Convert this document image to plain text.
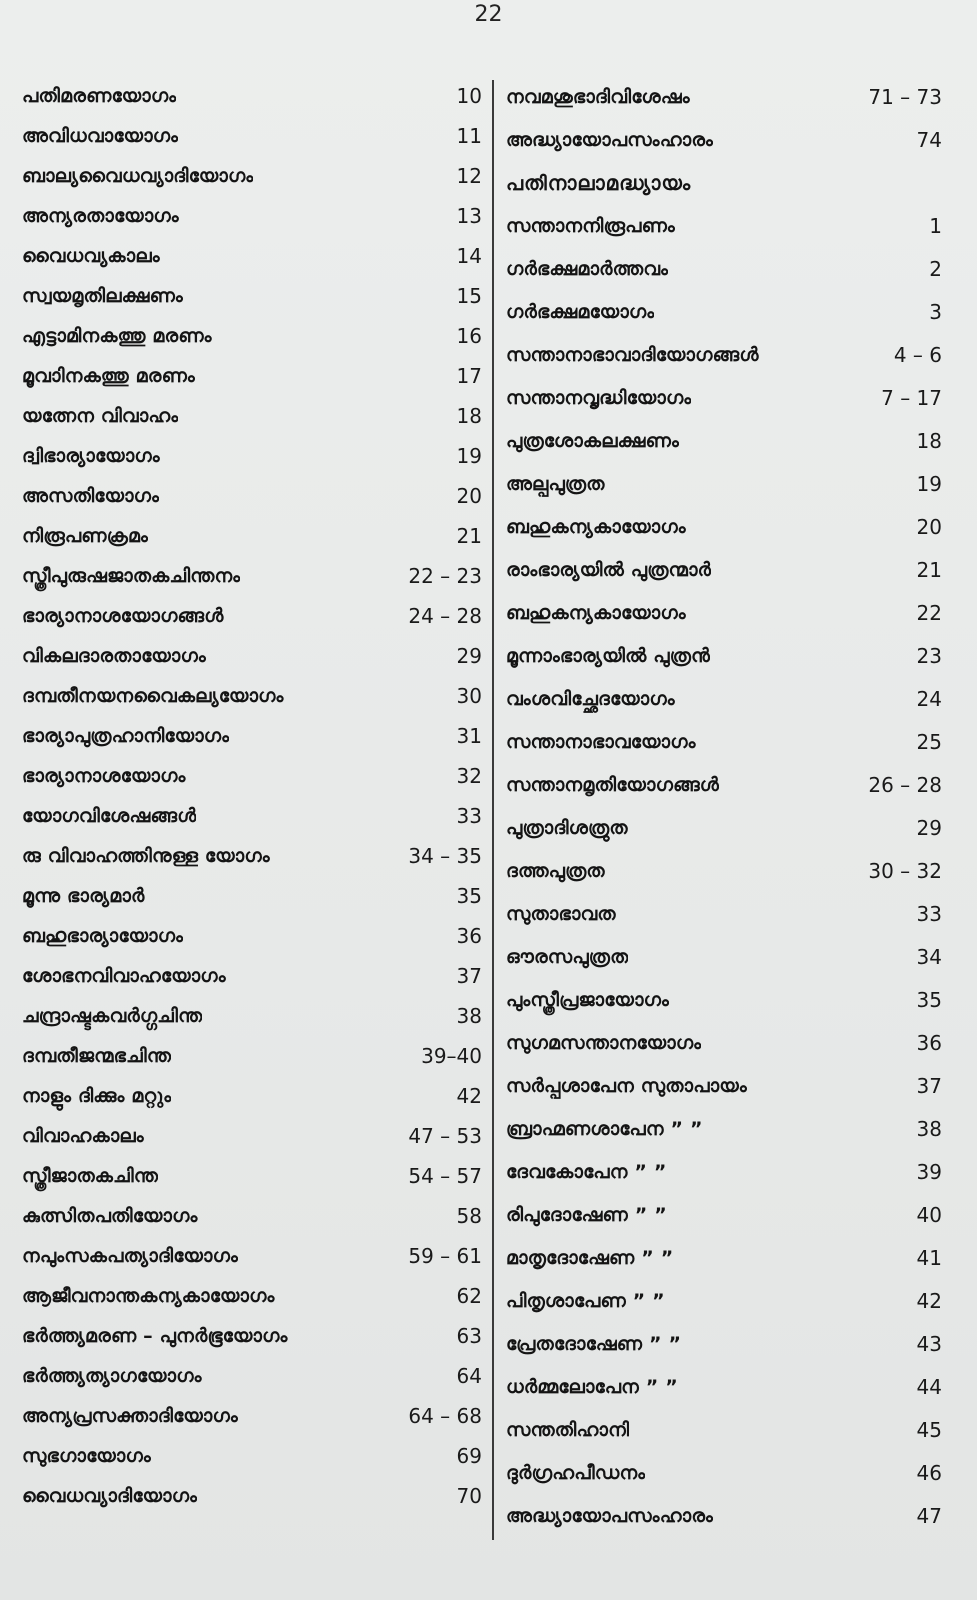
22
പതിമരണയോഗം	10
അവിധവായോഗം	11
ബാല്യവൈധവ്യാദിയോഗം	12
അന്യരതായോഗം	13
വൈധവ്യകാലം	14
സ്വയമൃതിലക്ഷണം	15
എട്ടാമിനകത്തു മരണം	16
മൂവാിനകത്തു മരണം	17
യത്നേന വിവാഹം	18
ദ്വിഭാര്യായോഗം	19
അസതിയോഗം	20
നിരൂപണക്രമം	21
സ്ത്രീപുരുഷജാതകചിന്തനം	22 – 23
ഭാര്യാനാശയോഗങ്ങൾ	24 – 28
വികലദാരതായോഗം	29
ദമ്പതീനയനവൈകല്യയോഗം	30
ഭാര്യാപുത്രഹാനിയോഗം	31
ഭാര്യാനാശയോഗം	32
യോഗവിശേഷങ്ങൾ	33
രു വിവാഹത്തിനുള്ള യോഗം	34 – 35
മൂന്നു ഭാര്യമാർ	35
ബഹുഭാര്യായോഗം	36
ശോഭനവിവാഹയോഗം	37
ചന്ദ്രാഷ്ടകവർഗ്ഗചിന്ത	38
ദമ്പതീജന്മഭചിന്ത	39–40
നാളും ദിക്കും മറ്റും	42
വിവാഹകാലം	47 – 53
സ്ത്രീജാതകചിന്ത	54 – 57
കുത്സിതപതിയോഗം	58
നപുംസകപത്യാദിയോഗം	59 – 61
ആജീവനാന്തകന്യകായോഗം	62
ഭർത്ത്യമരണ – പുനർഭൂയോഗം	63
ഭർത്ത്യത്യാഗയോഗം	64
അന്യപ്രസക്താദിയോഗം	64 – 68
സുഭഗായോഗം	69
വൈധവ്യാദിയോഗം	70
നവമശുഭാദിവിശേഷം	71 – 73
അദ്ധ്യായോപസംഹാരം	74
പതിനാലാമദ്ധ്യായം
സന്താനനിരൂപണം	1
ഗർഭക്ഷമാർത്തവം	2
ഗർഭക്ഷമയോഗം	3
സന്താനാഭാവാദിയോഗങ്ങൾ	4 – 6
സന്താനവൃദ്ധിയോഗം	7 – 17
പുത്രശോകലക്ഷണം	18
അല്പപുത്രത	19
ബഹുകന്യകായോഗം	20
രാംഭാര്യയിൽ പുത്രന്മാർ	21
ബഹുകന്യകായോഗം	22
മൂന്നാംഭാര്യയിൽ പുത്രൻ	23
വംശവിച്ഛേദയോഗം	24
സന്താനാഭാവയോഗം	25
സന്താനമൃതിയോഗങ്ങൾ	26 – 28
പുത്രാദിശത്രുത	29
ദത്തപുത്രത	30 – 32
സുതാഭാവത	33
ഔരസപുത്രത	34
പുംസ്ത്രീപ്രജായോഗം	35
സുഗമസന്താനയോഗം	36
സർപ്പശാപേന സുതാപായം	37
ബ്രാഹ്മണശാപേന ” ”	38
ദേവകോപേന ” ”	39
രിപുദോഷേണ ” ”	40
മാതൃദോഷേണ ” ”	41
പിതൃശാപേണ ” ”	42
പ്രേതദോഷേണ ” ”	43
ധർമ്മലോപേന ” ”	44
സന്തതിഹാനി	45
ദുർഗ്രഹപീഡനം	46
അദ്ധ്യായോപസംഹാരം	47
